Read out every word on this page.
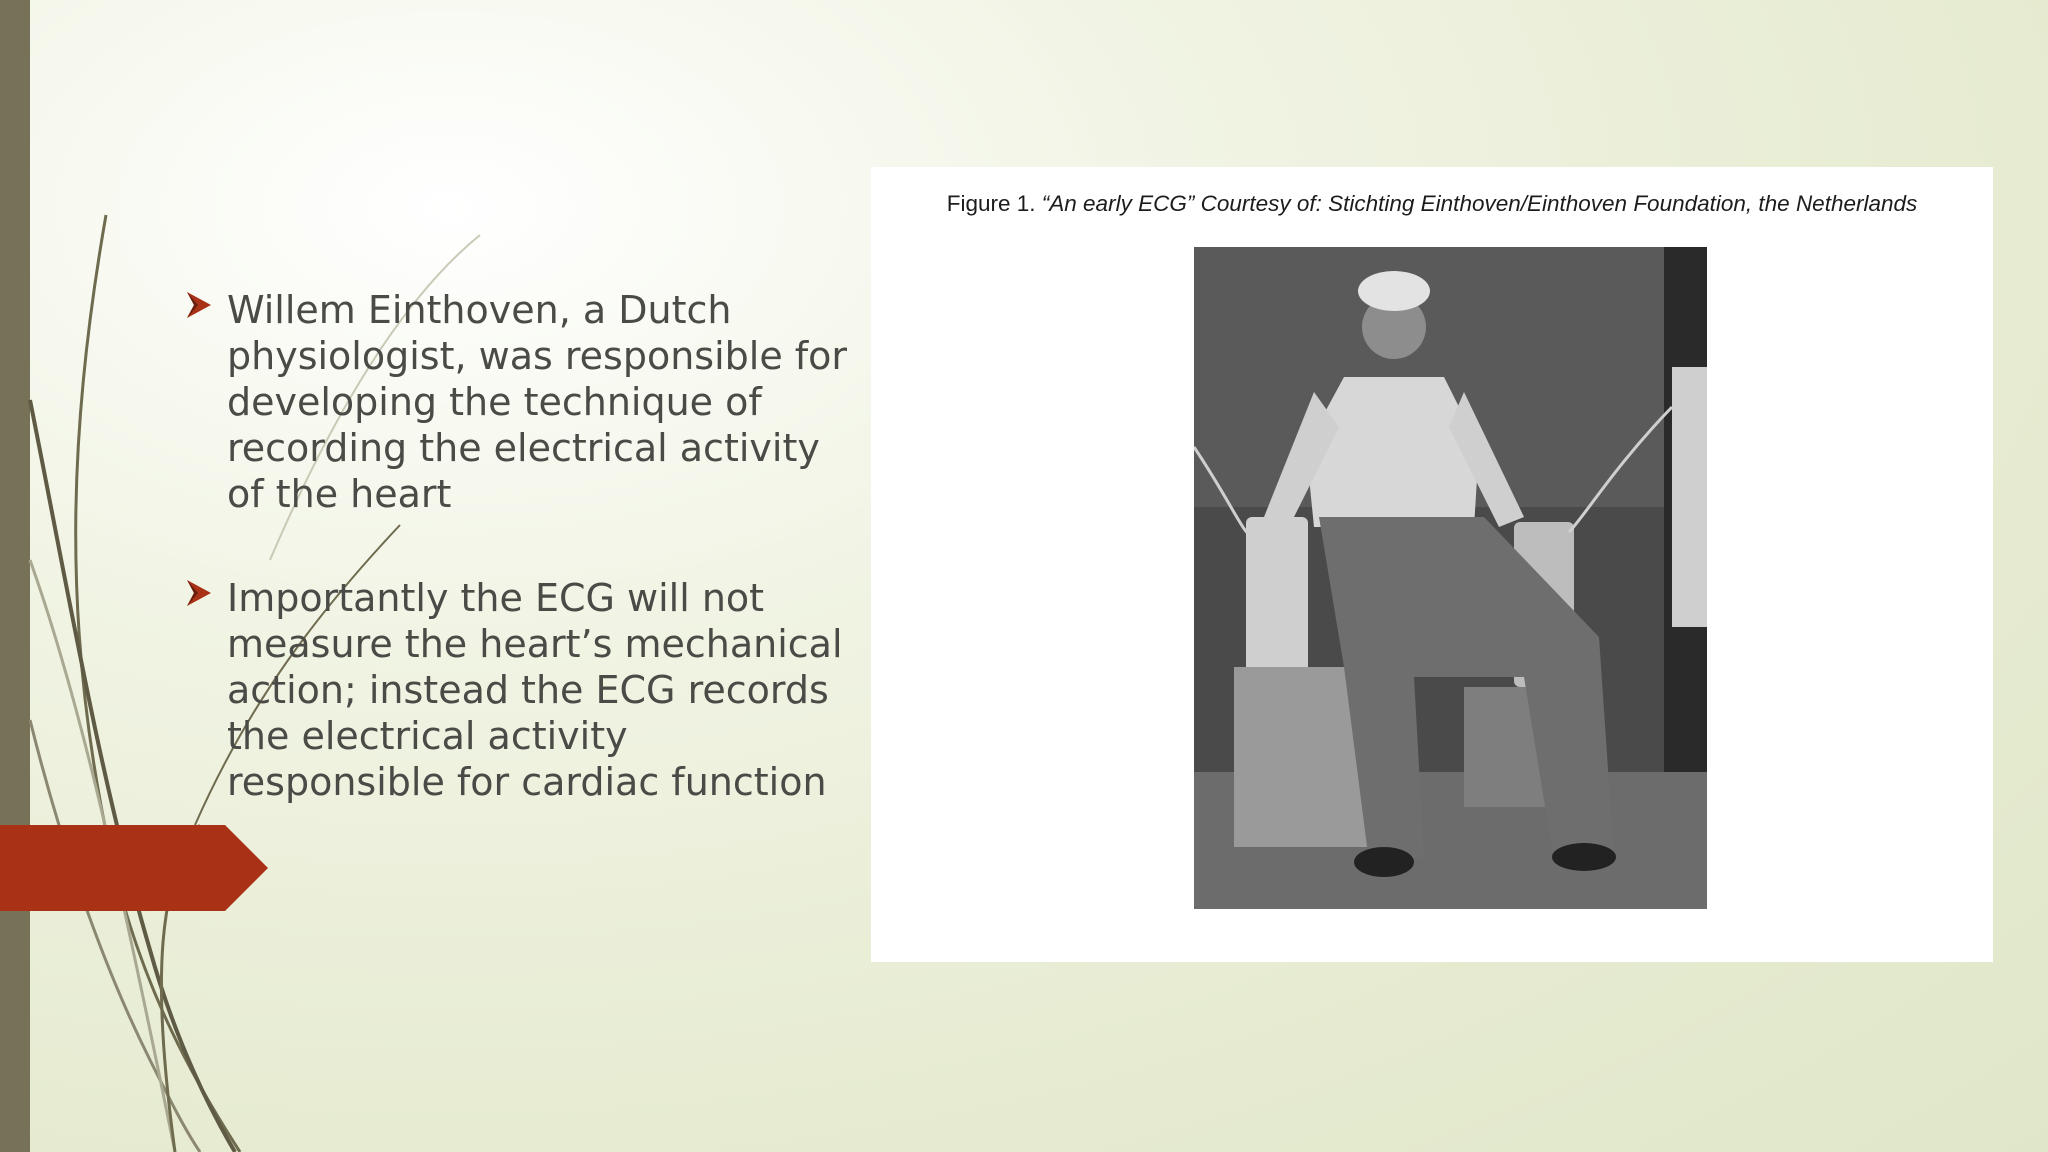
Willem Einthoven, a Dutch physiologist, was responsible for developing the technique of recording the electrical activity of the heart
Importantly the ECG will not measure the heart’s mechanical action; instead the ECG records the electrical activity responsible for cardiac function
Figure 1. “An early ECG” Courtesy of: Stichting Einthoven/Einthoven Foundation, the Netherlands
